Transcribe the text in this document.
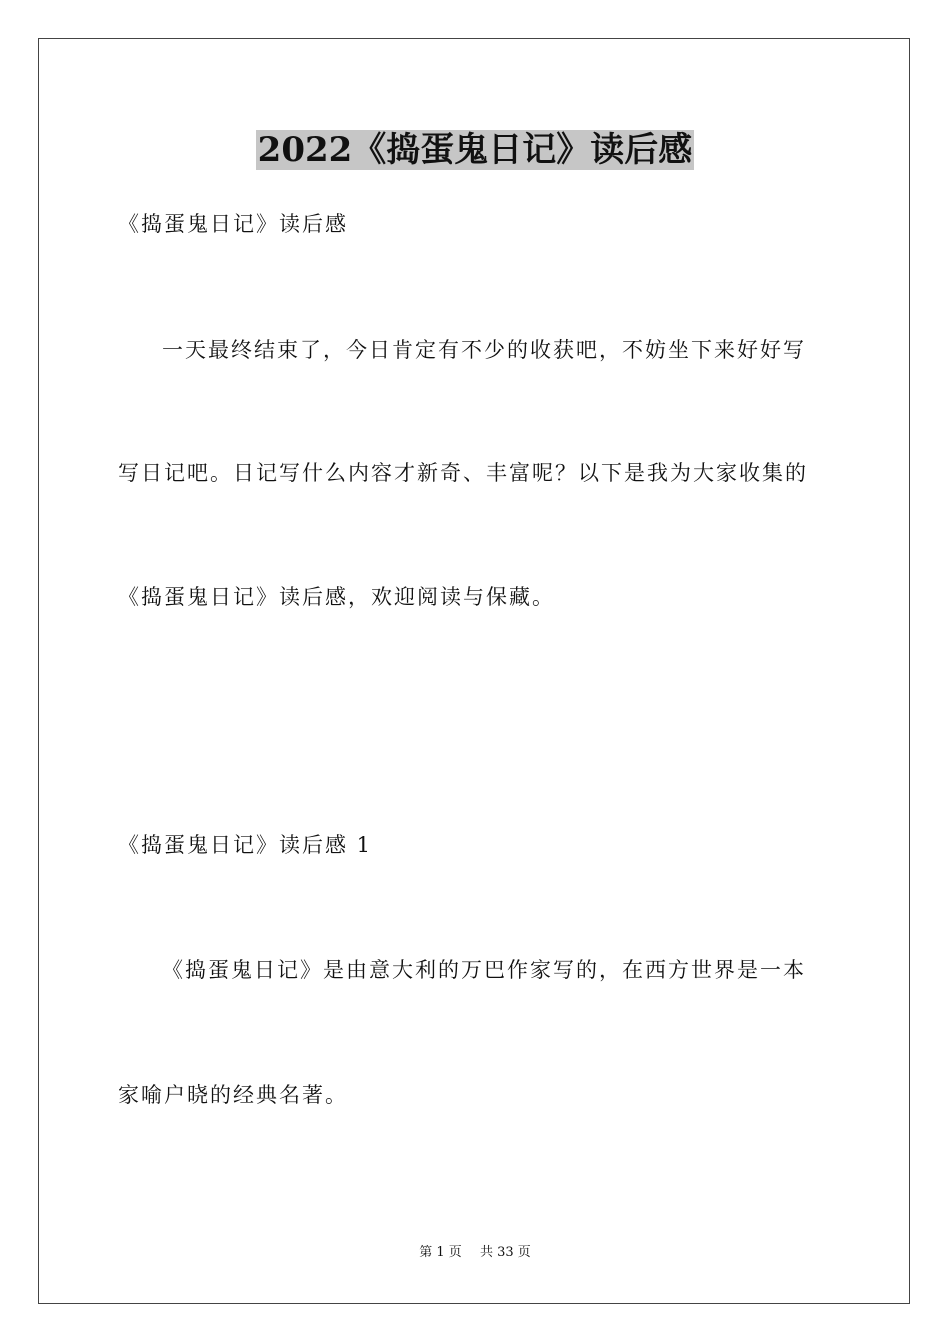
2022《捣蛋鬼日记》读后感
《捣蛋鬼日记》读后感
一天最终结束了，今日肯定有不少的收获吧，不妨坐下来好好写
写日记吧。日记写什么内容才新奇、丰富呢？以下是我为大家收集的
《捣蛋鬼日记》读后感，欢迎阅读与保藏。
《捣蛋鬼日记》读后感 1
《捣蛋鬼日记》是由意大利的万巴作家写的，在西方世界是一本
家喻户晓的经典名著。
第 1 页 共 33 页
